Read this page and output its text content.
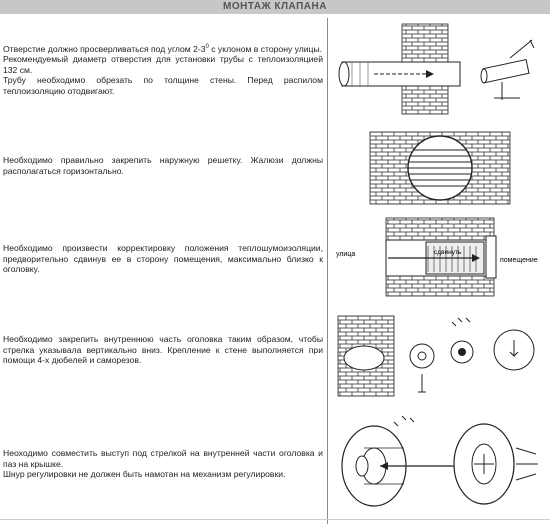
МОНТАЖ КЛАПАНА
Отверстие должно просверливаться под углом $2-3^0$ с уклоном в сторону улицы.
Рекомендуемый диаметр отверстия для установки трубы с теплоизоляцией 132 см.
Трубу необходимо обрезать по толщине стены. Перед распилом теплоизоляцию отодвигают.
Необходимо правильно закрепить наружную решетку. Жалюзи должны располагаться горизонтально.
Необходимо произвести корректировку положения теплошумоизоляции, предворительно сдвинув ее в сторону помещения, максимально близко к оголовку.
улица	сдвинуть
помещение
Необходимо закрепить внутреннюю часть оголовка таким образом, чтобы стрелка указывала вертикально вниз. Крепление к стене выполняется при помощи 4-х дюбелей и саморезов.
Неоходимо совместить выступ под стрелкой на внутренней части оголовка и паз на крышке.
Шнур регулировки не должен быть намотан на механизм регулировки.
